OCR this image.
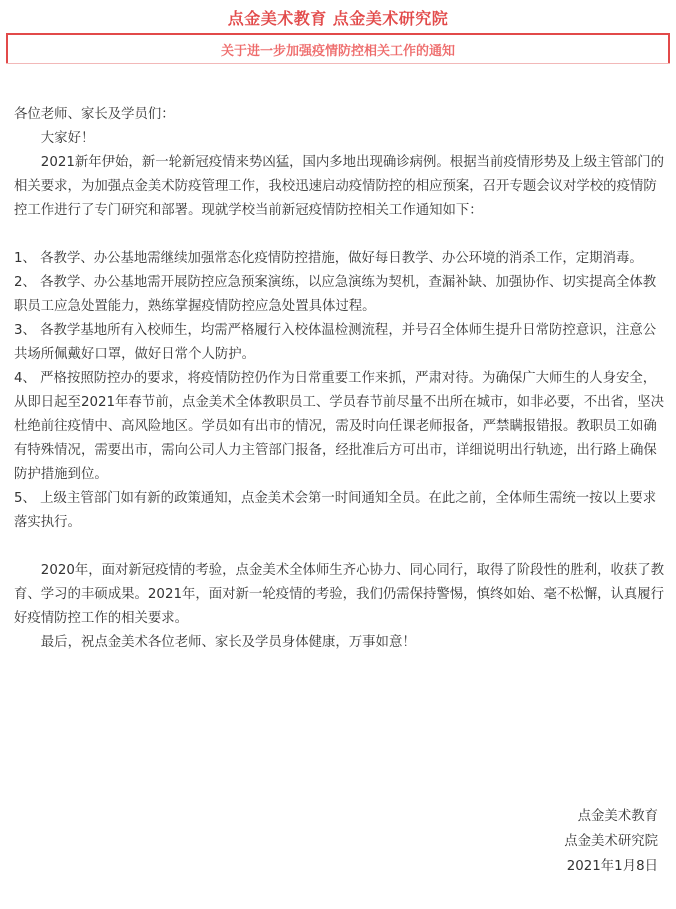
点金美术教育 点金美术研究院
关于进一步加强疫情防控相关工作的通知

各位老师、家长及学员们：

大家好！

2021新年伊始，新一轮新冠疫情来势凶猛，国内多地出现确诊病例。根据当前疫情形势及上级主管部门的相关要求，为加强点金美术防疫管理工作，我校迅速启动疫情防控的相应预案，召开专题会议对学校的疫情防控工作进行了专门研究和部署。现就学校当前新冠疫情防控相关工作通知如下：

1、 各教学、办公基地需继续加强常态化疫情防控措施，做好每日教学、办公环境的消杀工作，定期消毒。

2、 各教学、办公基地需开展防控应急预案演练，以应急演练为契机，查漏补缺、加强协作、切实提高全体教职员工应急处置能力，熟练掌握疫情防控应急处置具体过程。

3、 各教学基地所有入校师生，均需严格履行入校体温检测流程，并号召全体师生提升日常防控意识，注意公共场所佩戴好口罩，做好日常个人防护。

4、 严格按照防控办的要求，将疫情防控仍作为日常重要工作来抓，严肃对待。为确保广大师生的人身安全，从即日起至2021年春节前，点金美术全体教职员工、学员春节前尽量不出所在城市，如非必要，不出省，坚决杜绝前往疫情中、高风险地区。学员如有出市的情况，需及时向任课老师报备，严禁瞒报错报。教职员工如确有特殊情况，需要出市，需向公司人力主管部门报备，经批准后方可出市，详细说明出行轨迹，出行路上确保防护措施到位。

5、 上级主管部门如有新的政策通知，点金美术会第一时间通知全员。在此之前，全体师生需统一按以上要求落实执行。

2020年，面对新冠疫情的考验，点金美术全体师生齐心协力、同心同行，取得了阶段性的胜利，收获了教育、学习的丰硕成果。2021年，面对新一轮疫情的考验，我们仍需保持警惕，慎终如始、毫不松懈，认真履行好疫情防控工作的相关要求。

最后，祝点金美术各位老师、家长及学员身体健康，万事如意！

点金美术教育
点金美术研究院
2021年1月8日
